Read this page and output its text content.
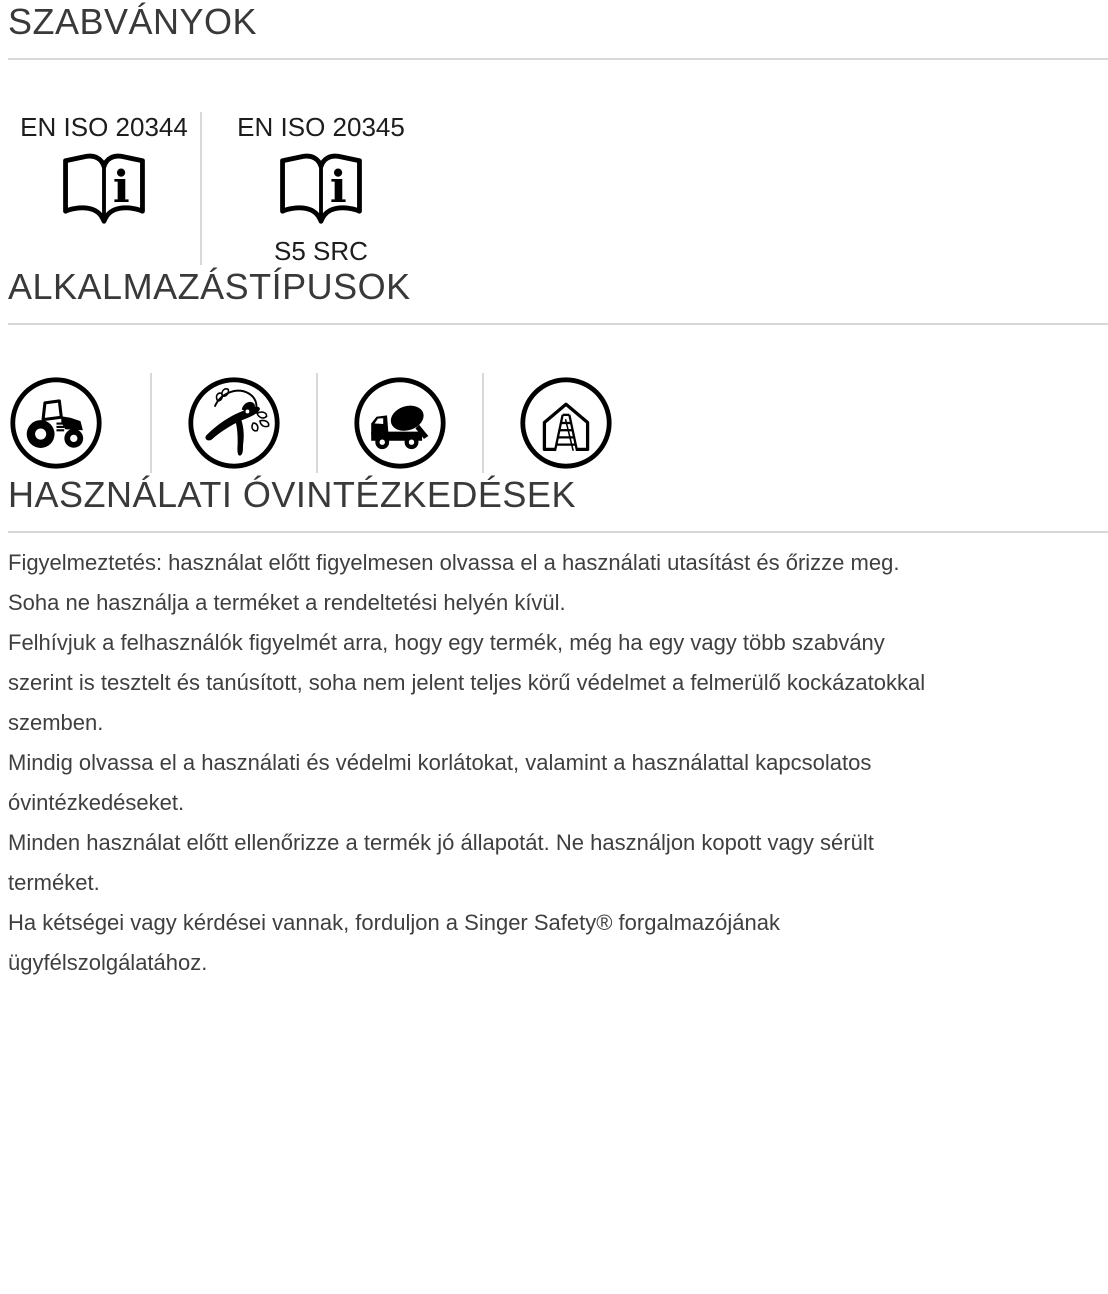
SZABVÁNYOK
EN ISO 20344
i
EN ISO 20345
i
S5 SRC
ALKALMAZÁSTÍPUSOK
HASZNÁLATI ÓVINTÉZKEDÉSEK

Figyelmeztetés: használat előtt figyelmesen olvassa el a használati utasítást és őrizze meg.

Soha ne használja a terméket a rendeltetési helyén kívül.

Felhívjuk a felhasználók figyelmét arra, hogy egy termék, még ha egy vagy több szabvány szerint is tesztelt és tanúsított, soha nem jelent teljes körű védelmet a felmerülő kockázatokkal szemben.

Mindig olvassa el a használati és védelmi korlátokat, valamint a használattal kapcsolatos óvintézkedéseket.

Minden használat előtt ellenőrizze a termék jó állapotát. Ne használjon kopott vagy sérült terméket.

Ha kétségei vagy kérdései vannak, forduljon a Singer Safety® forgalmazójának ügyfélszolgálatához.
